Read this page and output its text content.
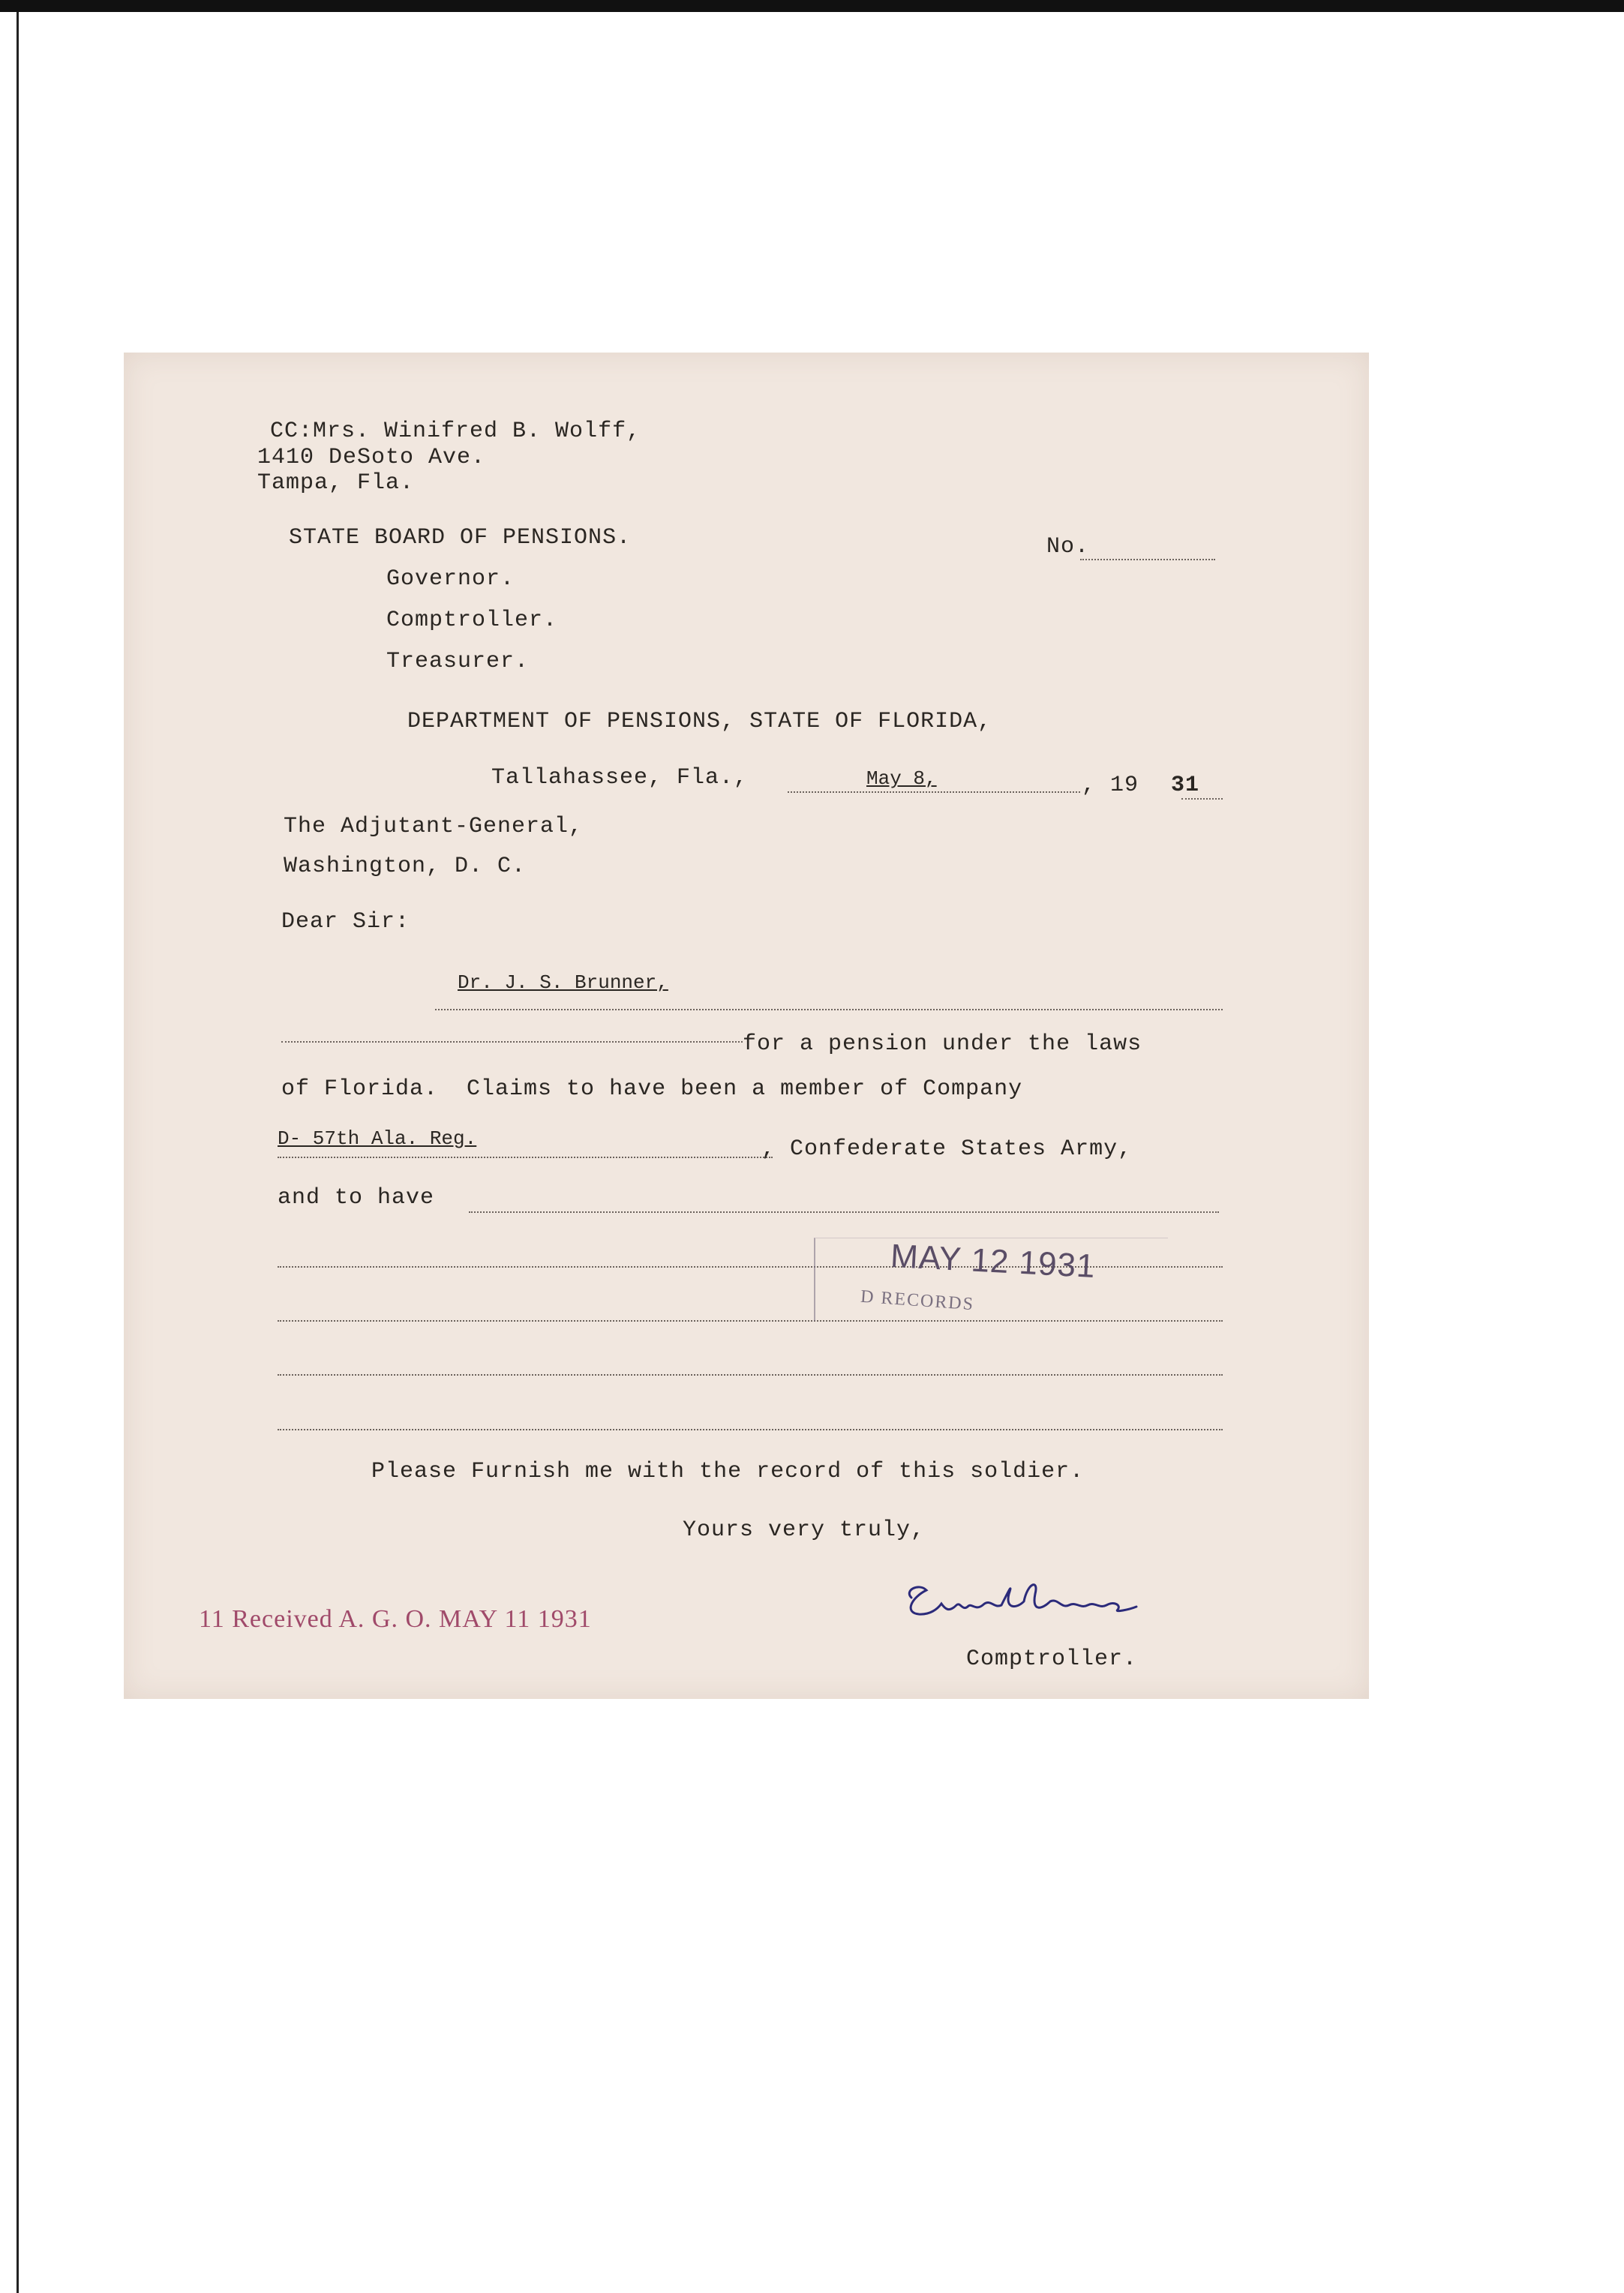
CC:Mrs. Winifred B. Wolff,
1410 DeSoto Ave.
Tampa, Fla.
STATE BOARD OF PENSIONS.
Governor.
Comptroller.
Treasurer.
No.
DEPARTMENT OF PENSIONS, STATE OF FLORIDA,
Tallahassee, Fla.,	May 8,	, 19 31
The Adjutant-General,
Washington, D. C.
Dear Sir:
Dr. J. S. Brunner,
for a pension under the laws
of Florida.  Claims to have been a member of Company
D- 57th Ala. Reg.	, Confederate States Army,
and to have
MAY 12 1931
D RECORDS
Please Furnish me with the record of this soldier.
Yours very truly,
Comptroller.
11 Received A. G. O. MAY 11 1931
